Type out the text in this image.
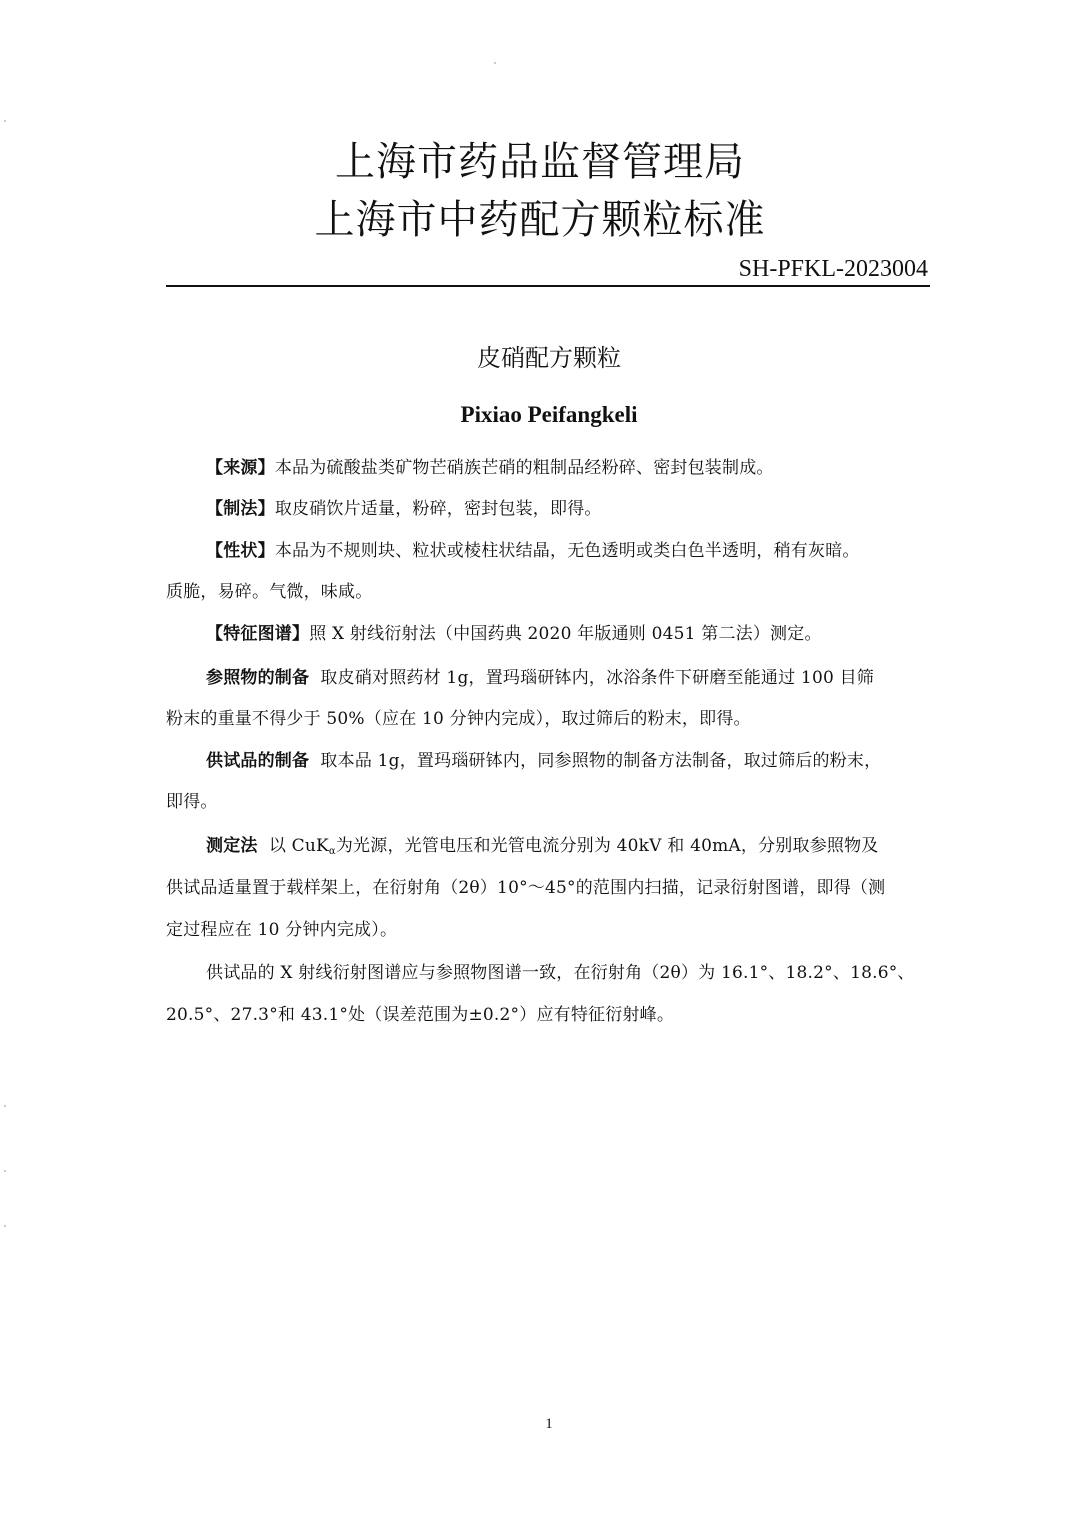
上海市药品监督管理局
上海市中药配方颗粒标准
SH-PFKL-2023004
皮硝配方颗粒
Pixiao Peifangkeli
【来源】本品为硫酸盐类矿物芒硝族芒硝的粗制品经粉碎、密封包装制成。
【制法】取皮硝饮片适量，粉碎，密封包装，即得。
【性状】本品为不规则块、粒状或棱柱状结晶，无色透明或类白色半透明，稍有灰暗。
质脆，易碎。气微，味咸。
【特征图谱】照 X 射线衍射法（中国药典 2020 年版通则 0451 第二法）测定。
参照物的制备 取皮硝对照药材 1g，置玛瑙研钵内，冰浴条件下研磨至能通过 100 目筛
粉末的重量不得少于 50%（应在 10 分钟内完成），取过筛后的粉末，即得。
供试品的制备 取本品 1g，置玛瑙研钵内，同参照物的制备方法制备，取过筛后的粉末，
即得。
测定法 以 CuK$_\alpha$为光源，光管电压和光管电流分别为 40kV 和 40mA，分别取参照物及
供试品适量置于载样架上，在衍射角（2θ）10°～45°的范围内扫描，记录衍射图谱，即得（测
定过程应在 10 分钟内完成）。
供试品的 X 射线衍射图谱应与参照物图谱一致，在衍射角（2θ）为 16.1°、18.2°、18.6°、
20.5°、27.3°和 43.1°处（误差范围为±0.2°）应有特征衍射峰。
1
